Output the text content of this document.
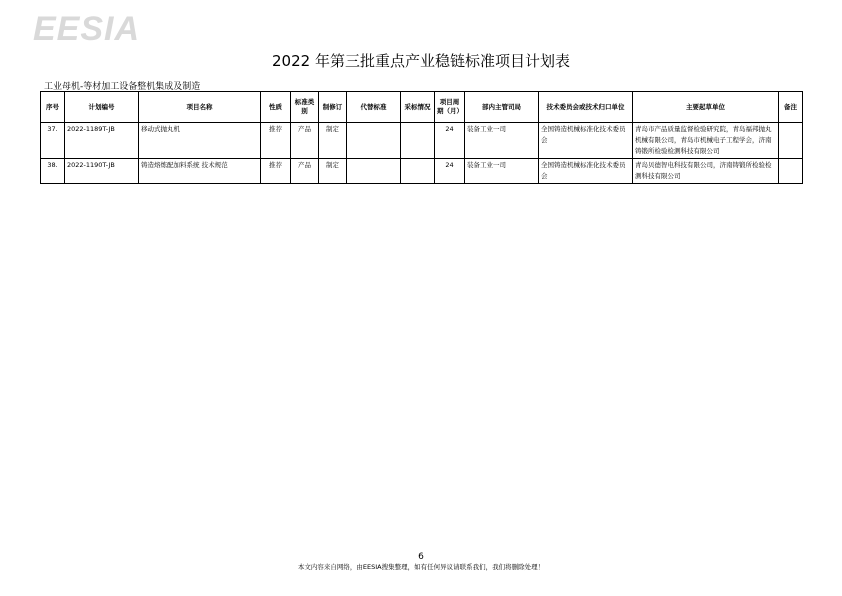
EESIA
2022 年第三批重点产业稳链标准项目计划表
工业母机-等材加工设备整机集成及制造
序号	计划编号	项目名称	性质	标准类别	制修订	代替标准	采标情况	项目周期（月）	部内主管司局	技术委员会或技术归口单位	主要起草单位	备注
37.	2022-1189T-JB	移动式抛丸机	推荐	产品	制定			24	装备工业一司	全国铸造机械标准化技术委员会	青岛市产品质量监督检验研究院，青岛福邦抛丸机械有限公司，青岛市机械电子工程学会，济南铸锻所检验检测科技有限公司	
38.	2022-1190T-JB	铸造熔炼配加料系统 技术规范	推荐	产品	制定			24	装备工业一司	全国铸造机械标准化技术委员会	青岛贝德智电科技有限公司，济南铸锻所检验检测科技有限公司	
6
本文内容来自网络，由EESIA搜集整理，如有任何异议请联系我们，我们将删除处理！
